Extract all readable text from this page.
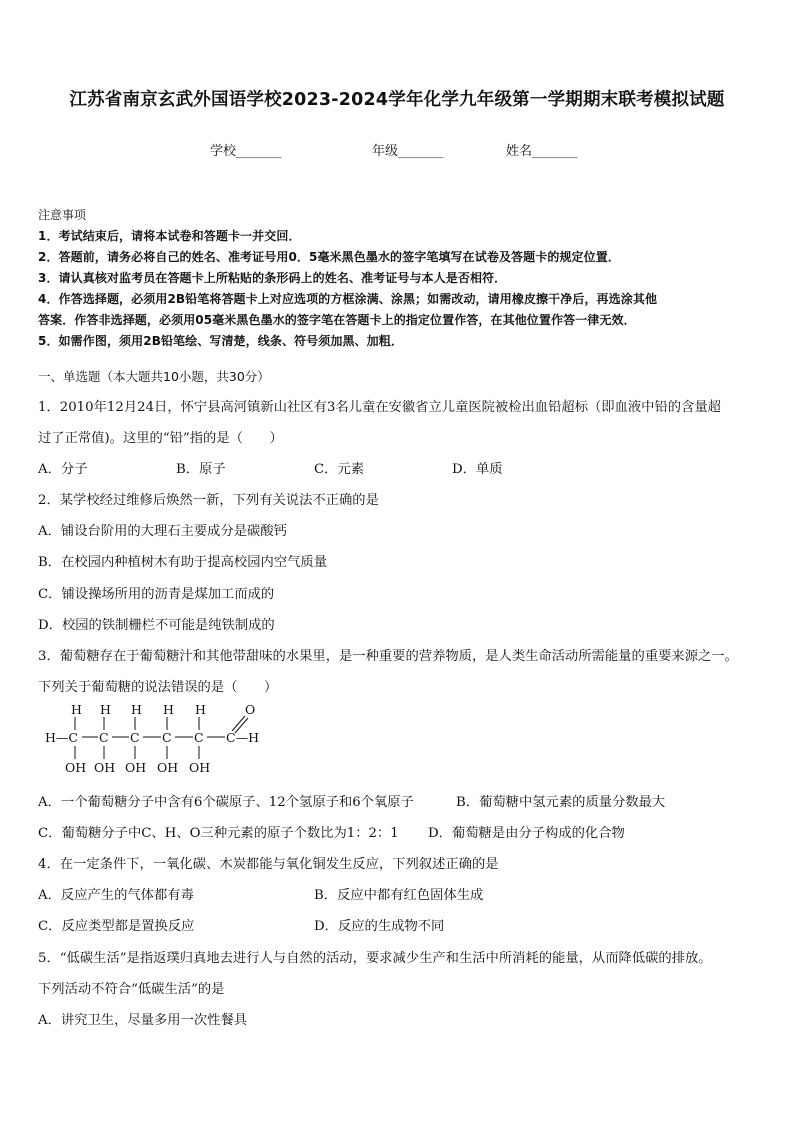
江苏省南京玄武外国语学校2023-2024学年化学九年级第一学期期末联考模拟试题
学校_______	年级_______	姓名_______
注意事项
1．考试结束后，请将本试卷和答题卡一并交回．
2．答题前，请务必将自己的姓名、准考证号用0．5毫米黑色墨水的签字笔填写在试卷及答题卡的规定位置．
3．请认真核对监考员在答题卡上所粘贴的条形码上的姓名、准考证号与本人是否相符．
4．作答选择题，必须用2B铅笔将答题卡上对应选项的方框涂满、涂黑；如需改动，请用橡皮擦干净后，再选涂其他
答案．作答非选择题，必须用05毫米黑色墨水的签字笔在答题卡上的指定位置作答，在其他位置作答一律无效．
5．如需作图，须用2B铅笔绘、写清楚，线条、符号须加黑、加粗．
一、单选题（本大题共10小题，共30分）
1．2010年12月24日，怀宁县高河镇新山社区有3名儿童在安徽省立儿童医院被检出血铅超标（即血液中铅的含量超
过了正常值)。这里的“铅”指的是（　　）
A．分子	B．原子	C．元素	D．单质
2．某学校经过维修后焕然一新，下列有关说法不正确的是
A．铺设台阶用的大理石主要成分是碳酸钙
B．在校园内种植树木有助于提高校园内空气质量
C．铺设操场所用的沥青是煤加工而成的
D．校园的铁制栅栏不可能是纯铁制成的
3．葡萄糖存在于葡萄糖汁和其他带甜味的水果里，是一种重要的营养物质，是人类生命活动所需能量的重要来源之一。
下列关于葡萄糖的说法错误的是（　　）
H H H H H	O
H—C C C C C C—H
OH OH OH OH OH
A．一个葡萄糖分子中含有6个碳原子、12个氢原子和6个氧原子	B．葡萄糖中氢元素的质量分数最大
C．葡萄糖分子中C、H、O三种元素的原子个数比为1：2：1 D．葡萄糖是由分子构成的化合物
4．在一定条件下，一氧化碳、木炭都能与氧化铜发生反应，下列叙述正确的是
A．反应产生的气体都有毒	B．反应中都有红色固体生成
C．反应类型都是置换反应	D．反应的生成物不同
5．“低碳生活”是指返璞归真地去进行人与自然的活动，要求减少生产和生活中所消耗的能量，从而降低碳的排放。
下列活动不符合“低碳生活”的是
A．讲究卫生，尽量多用一次性餐具
